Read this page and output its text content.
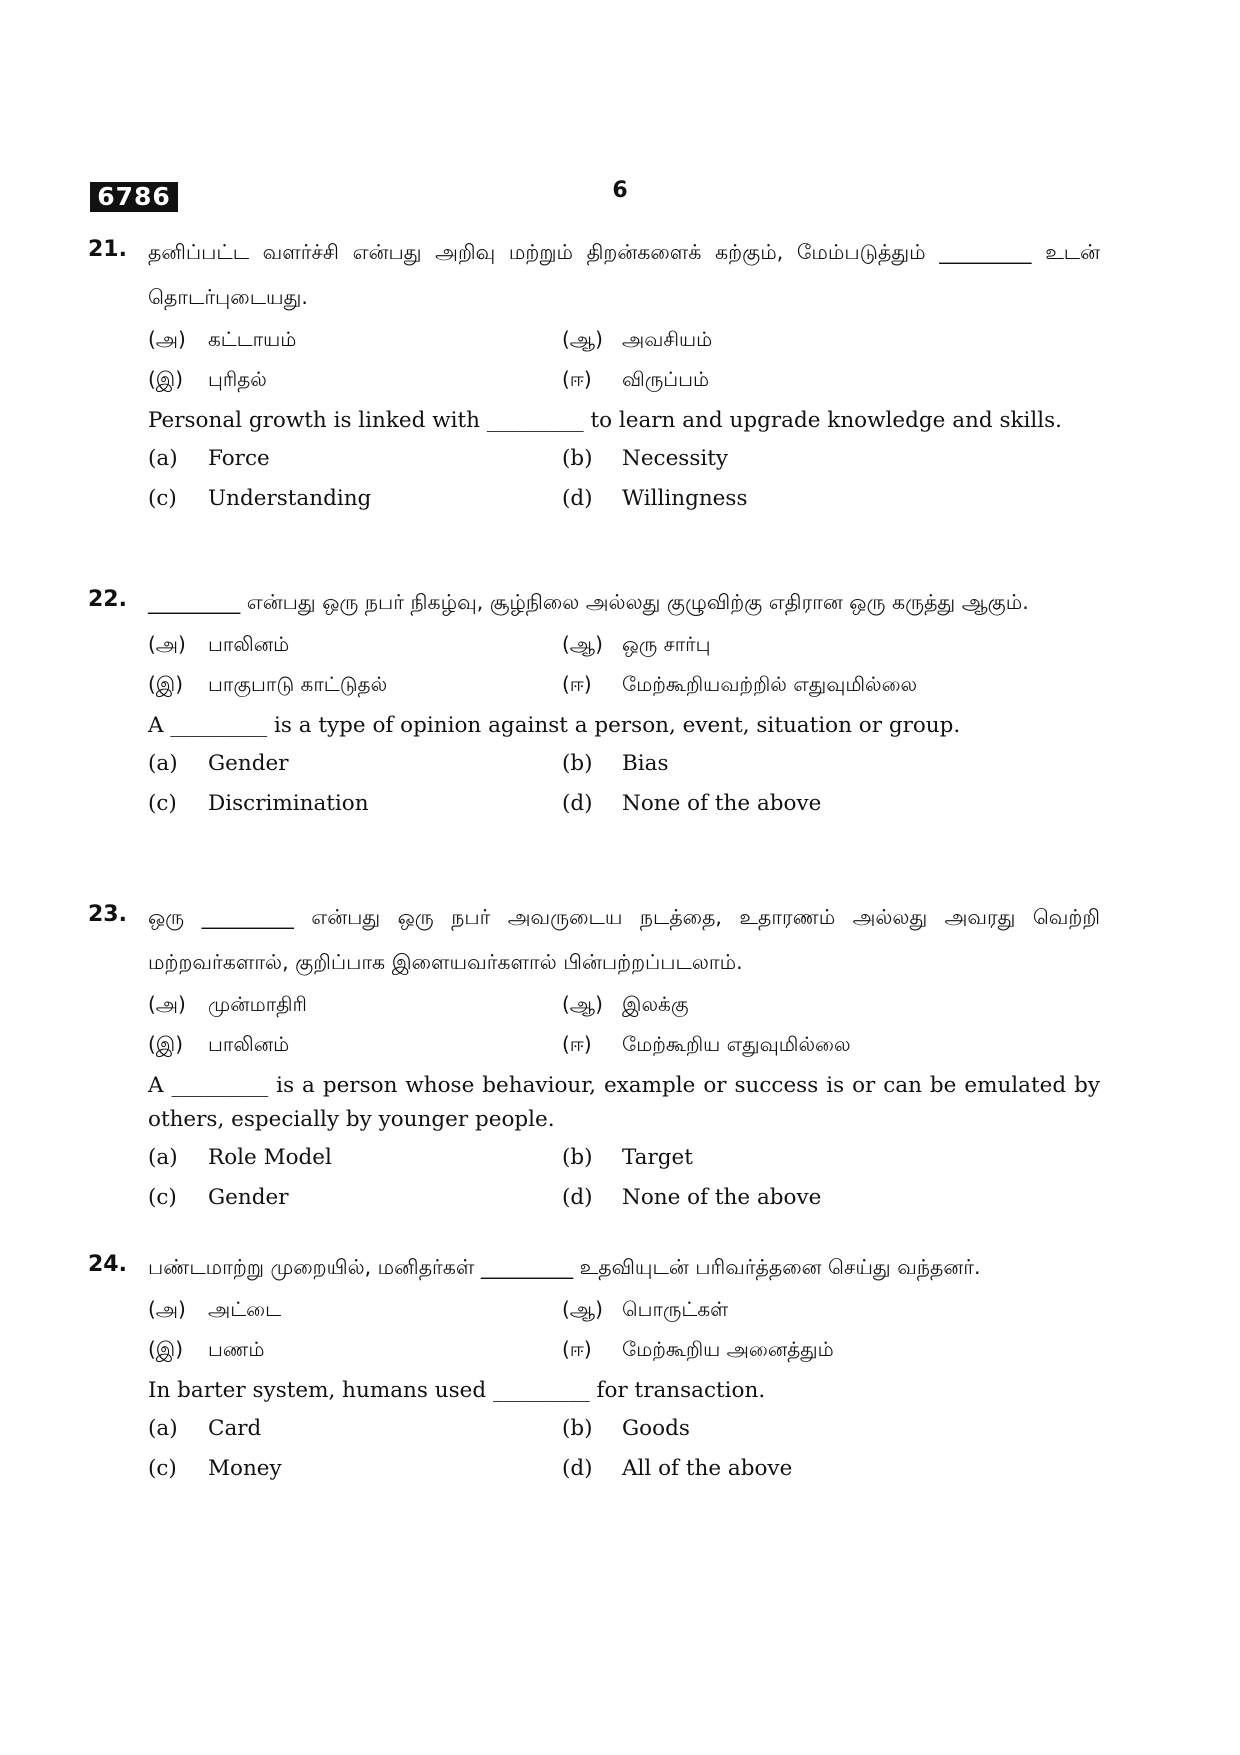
6786	6
21. தனிப்பட்ட வளர்ச்சி என்பது அறிவு மற்றும் திறன்களைக் கற்கும், மேம்படுத்தும் _________ உடன் தொடர்புடையது.
(அ)	கட்டாயம்	(ஆ) அவசியம்
(இ)	புரிதல்	(ஈ)	விருப்பம்
Personal growth is linked with _________ to learn and upgrade knowledge and skills.
(a)	Force	(b)	Necessity
(c)	Understanding	(d)	Willingness
22. _________ என்பது ஒரு நபர் நிகழ்வு, சூழ்நிலை அல்லது குழுவிற்கு எதிரான ஒரு கருத்து ஆகும்.
(அ)	பாலினம்	(ஆ) ஒரு சார்பு
(இ)	பாகுபாடு காட்டுதல்	(ஈ)	மேற்கூறியவற்றில் எதுவுமில்லை
A _________ is a type of opinion against a person, event, situation or group.
(a)	Gender	(b)	Bias
(c)	Discrimination	(d)	None of the above
23. ஒரு _________ என்பது ஒரு நபர் அவருடைய நடத்தை, உதாரணம் அல்லது அவரது வெற்றி மற்றவர்களால், குறிப்பாக இளையவர்களால் பின்பற்றப்படலாம்.
(அ)	முன்மாதிரி	(ஆ) இலக்கு
(இ)	பாலினம்	(ஈ)	மேற்கூறிய எதுவுமில்லை
A _________ is a person whose behaviour, example or success is or can be emulated by others, especially by younger people.
(a)	Role Model	(b)	Target
(c)	Gender	(d)	None of the above
24. பண்டமாற்று முறையில், மனிதர்கள் _________ உதவியுடன் பரிவர்த்தனை செய்து வந்தனர்.
(அ)	அட்டை	(ஆ) பொருட்கள்
(இ)	பணம்	(ஈ)	மேற்கூறிய அனைத்தும்
In barter system, humans used _________ for transaction.
(a)	Card	(b)	Goods
(c)	Money	(d)	All of the above
